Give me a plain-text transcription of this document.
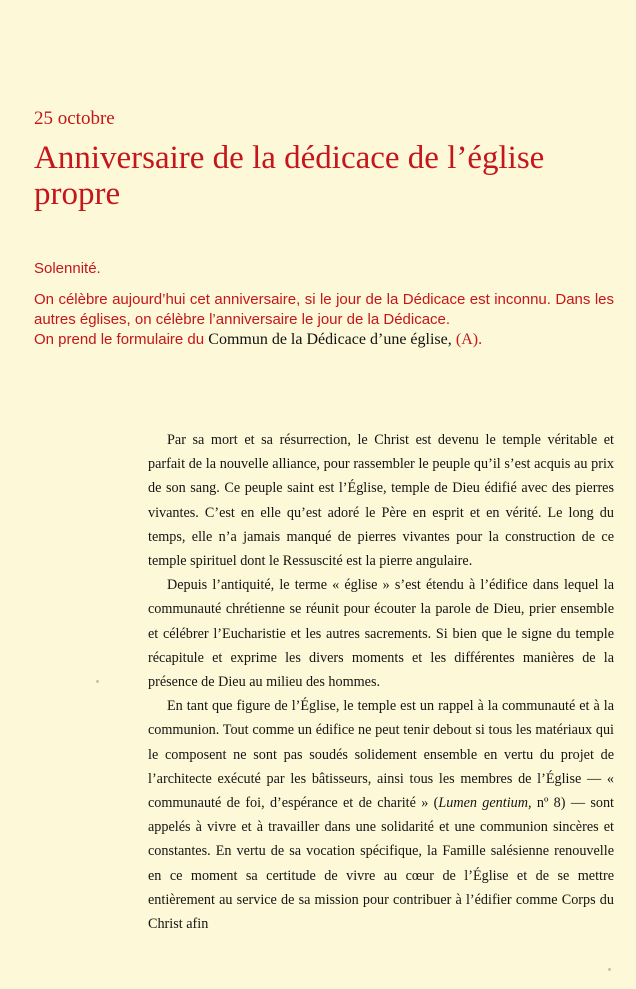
25 octobre

Anniversaire de la dédicace de l’église propre

Solennité.

On célèbre aujourd’hui cet anniversaire, si le jour de la Dédicace est inconnu. Dans les autres églises, on célèbre l’anniversaire le jour de la Dédicace.

On prend le formulaire du Commun de la Dédicace d’une église, (A).

Par sa mort et sa résurrection, le Christ est devenu le temple véritable et parfait de la nouvelle alliance, pour rassembler le peuple qu’il s’est acquis au prix de son sang. Ce peuple saint est l’Église, temple de Dieu édifié avec des pierres vivantes. C’est en elle qu’est adoré le Père en esprit et en vérité. Le long du temps, elle n’a jamais manqué de pierres vivantes pour la construction de ce temple spirituel dont le Ressuscité est la pierre angulaire.

Depuis l’antiquité, le terme « église » s’est étendu à l’édifice dans lequel la communauté chrétienne se réunit pour écouter la parole de Dieu, prier ensemble et célébrer l’Eucharistie et les autres sacrements. Si bien que le signe du temple récapitule et exprime les divers moments et les différentes manières de la présence de Dieu au milieu des hommes.

En tant que figure de l’Église, le temple est un rappel à la communauté et à la communion. Tout comme un édifice ne peut tenir debout si tous les matériaux qui le composent ne sont pas soudés solidement ensemble en vertu du projet de l’architecte exécuté par les bâtisseurs, ainsi tous les membres de l’Église — « communauté de foi, d’espérance et de charité » (Lumen gentium, nº 8) — sont appelés à vivre et à travailler dans une solidarité et une communion sincères et constantes. En vertu de sa vocation spécifique, la Famille salésienne renouvelle en ce moment sa certitude de vivre au cœur de l’Église et de se mettre entièrement au service de sa mission pour contribuer à l’édifier comme Corps du Christ afin
